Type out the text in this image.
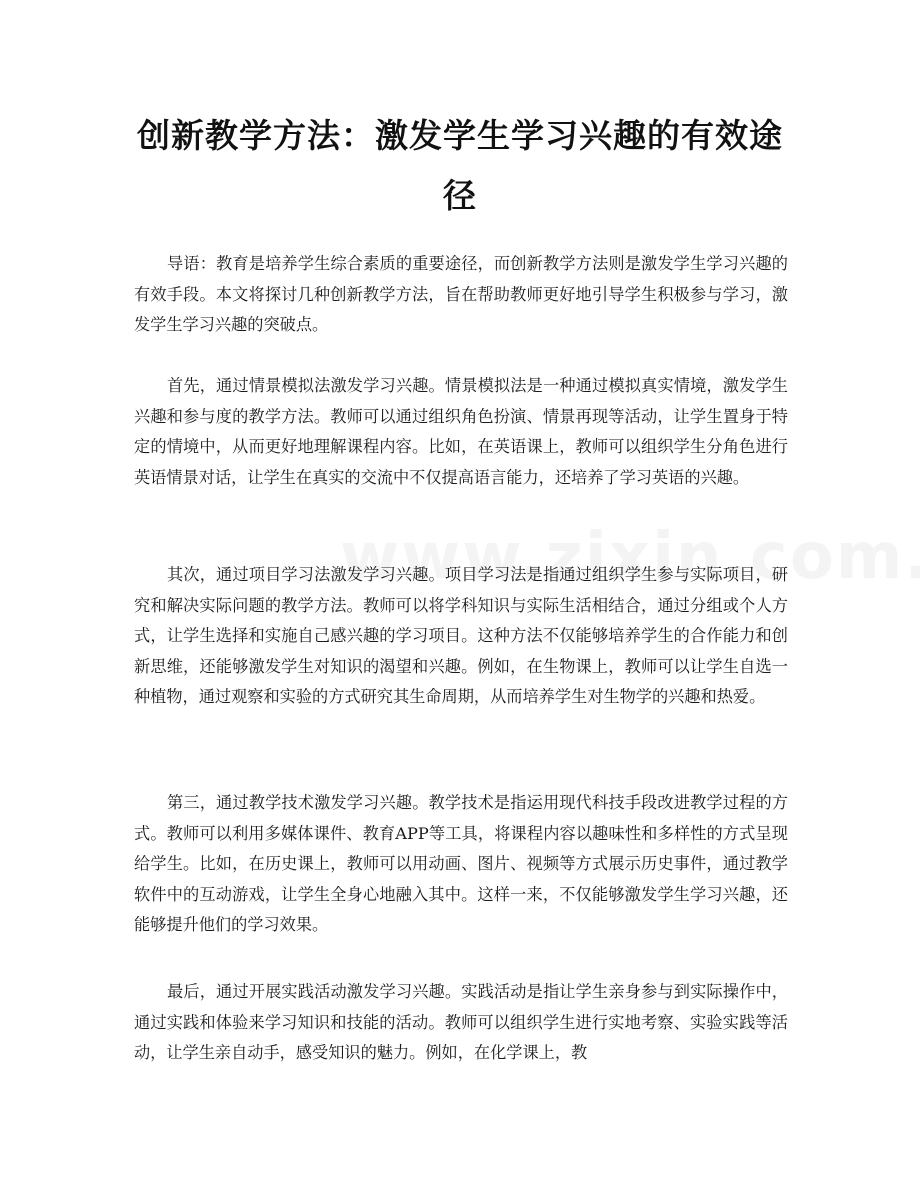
创新教学方法：激发学生学习兴趣的有效途径

导语：教育是培养学生综合素质的重要途径，而创新教学方法则是激发学生学习兴趣的有效手段。本文将探讨几种创新教学方法，旨在帮助教师更好地引导学生积极参与学习，激发学生学习兴趣的突破点。

首先，通过情景模拟法激发学习兴趣。情景模拟法是一种通过模拟真实情境，激发学生兴趣和参与度的教学方法。教师可以通过组织角色扮演、情景再现等活动，让学生置身于特定的情境中，从而更好地理解课程内容。比如，在英语课上，教师可以组织学生分角色进行英语情景对话，让学生在真实的交流中不仅提高语言能力，还培养了学习英语的兴趣。

其次，通过项目学习法激发学习兴趣。项目学习法是指通过组织学生参与实际项目，研究和解决实际问题的教学方法。教师可以将学科知识与实际生活相结合，通过分组或个人方式，让学生选择和实施自己感兴趣的学习项目。这种方法不仅能够培养学生的合作能力和创新思维，还能够激发学生对知识的渴望和兴趣。例如，在生物课上，教师可以让学生自选一种植物，通过观察和实验的方式研究其生命周期，从而培养学生对生物学的兴趣和热爱。

第三，通过教学技术激发学习兴趣。教学技术是指运用现代科技手段改进教学过程的方式。教师可以利用多媒体课件、教育APP等工具，将课程内容以趣味性和多样性的方式呈现给学生。比如，在历史课上，教师可以用动画、图片、视频等方式展示历史事件，通过教学软件中的互动游戏，让学生全身心地融入其中。这样一来，不仅能够激发学生学习兴趣，还能够提升他们的学习效果。

最后，通过开展实践活动激发学习兴趣。实践活动是指让学生亲身参与到实际操作中，通过实践和体验来学习知识和技能的活动。教师可以组织学生进行实地考察、实验实践等活动，让学生亲自动手，感受知识的魅力。例如，在化学课上，教
